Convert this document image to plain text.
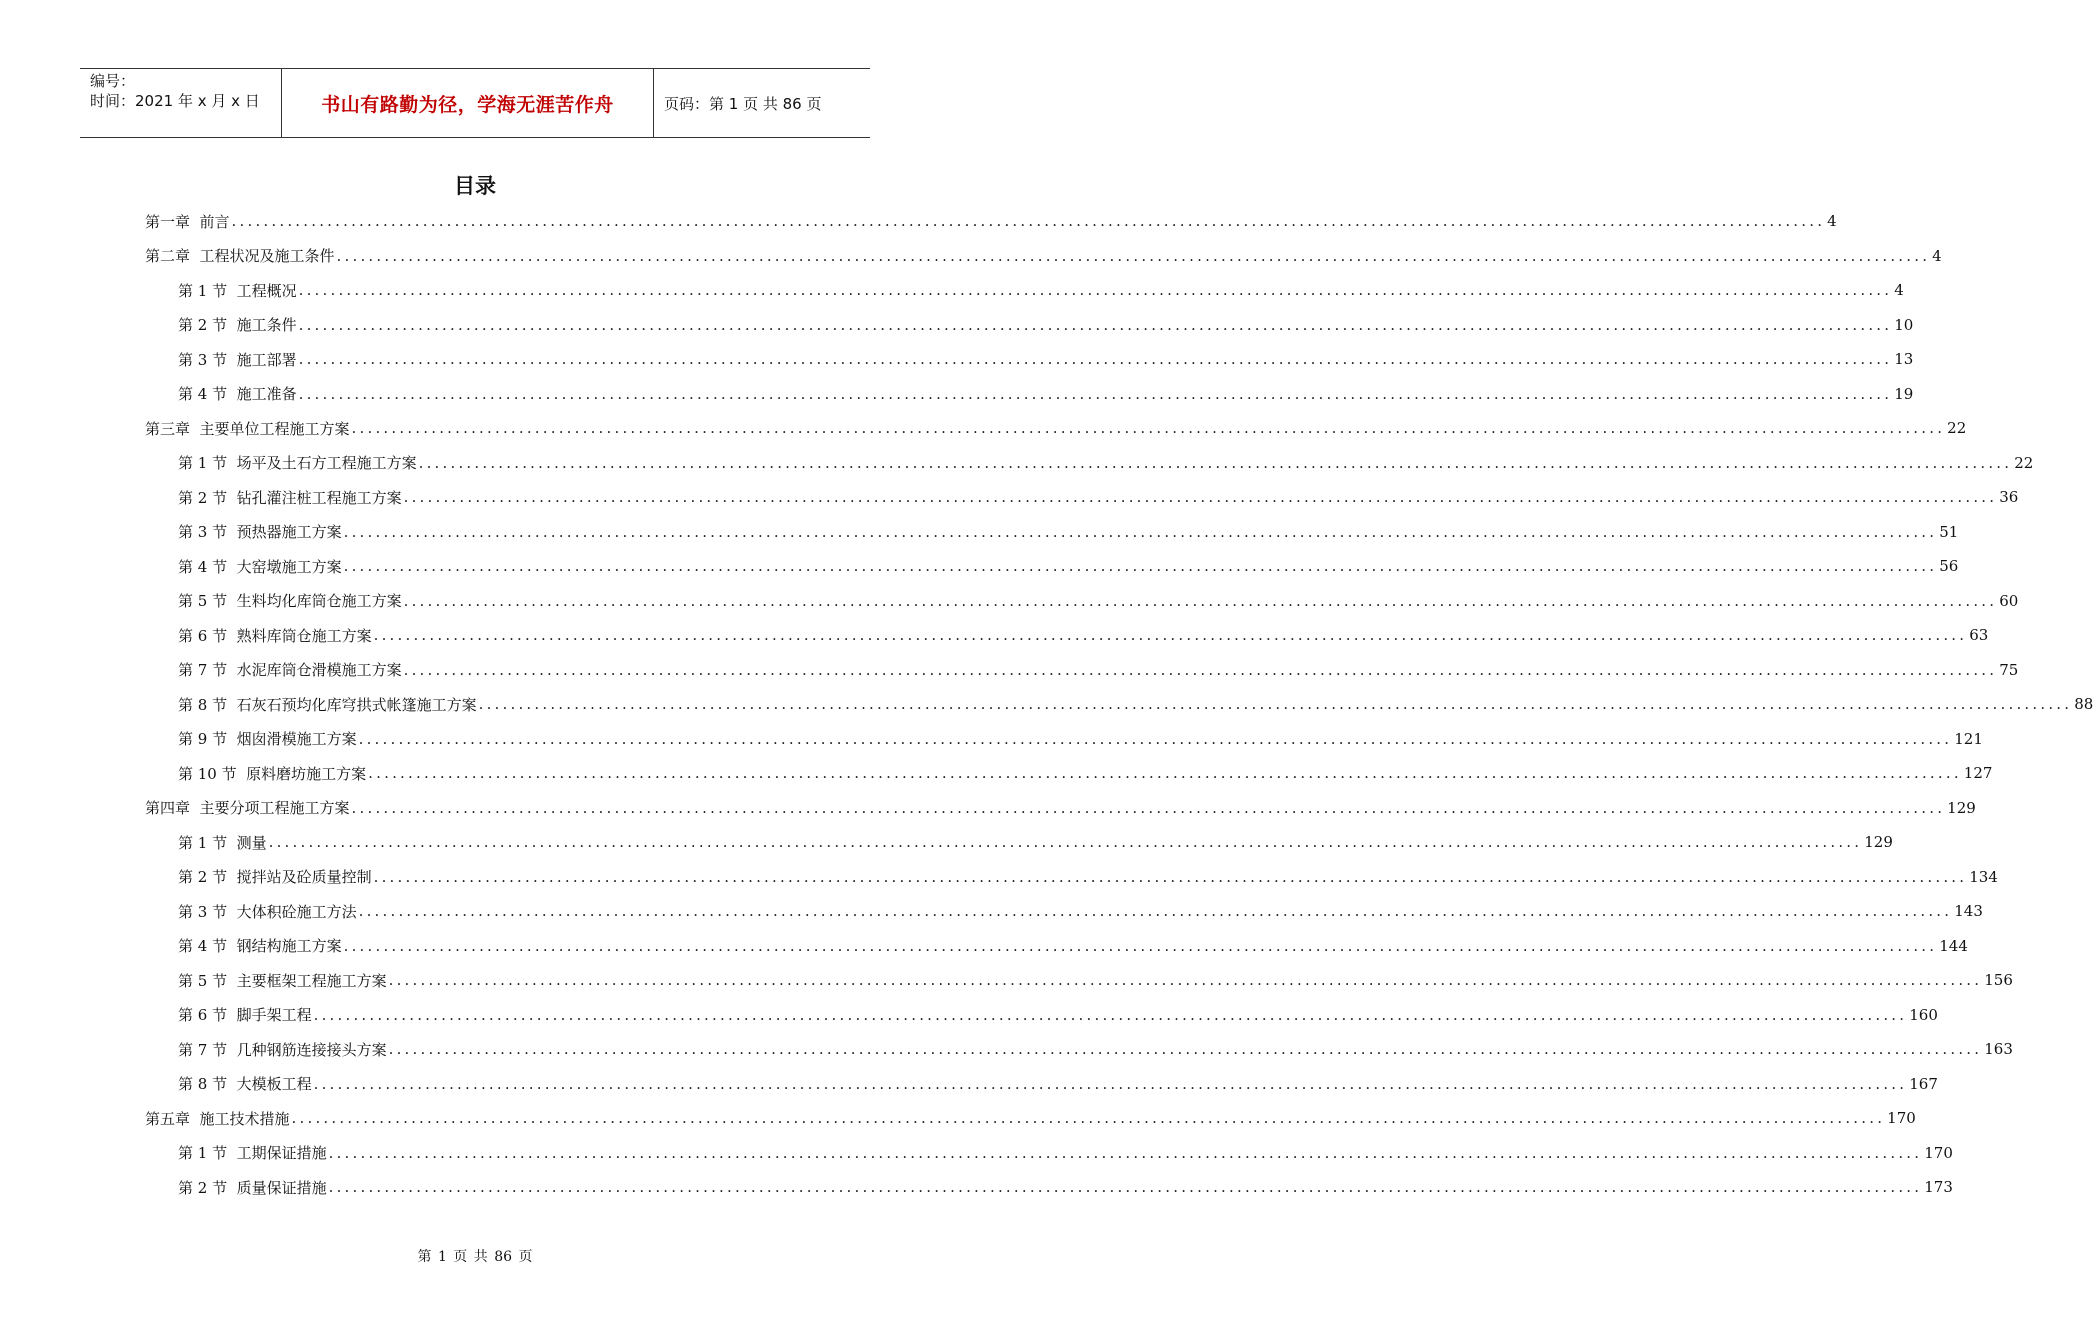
编号：
时间：2021 年 x 月 x 日	书山有路勤为径，学海无涯苦作舟	页码：第 1 页 共 86 页
目录
第一章  前言 ........................................................................................................................................................................................................ 4
第二章  工程状况及施工条件 ........................................................................................................................................................................................................ 4
第 1 节  工程概况 ........................................................................................................................................................................................................ 4
第 2 节  施工条件 ........................................................................................................................................................................................................ 10
第 3 节  施工部署 ........................................................................................................................................................................................................ 13
第 4 节  施工准备 ........................................................................................................................................................................................................ 19
第三章  主要单位工程施工方案 ........................................................................................................................................................................................................ 22
第 1 节  场平及土石方工程施工方案 ........................................................................................................................................................................................................ 22
第 2 节  钻孔灌注桩工程施工方案 ........................................................................................................................................................................................................ 36
第 3 节  预热器施工方案 ........................................................................................................................................................................................................ 51
第 4 节  大窑墩施工方案 ........................................................................................................................................................................................................ 56
第 5 节  生料均化库筒仓施工方案 ........................................................................................................................................................................................................ 60
第 6 节  熟料库筒仓施工方案 ........................................................................................................................................................................................................ 63
第 7 节  水泥库筒仓滑模施工方案 ........................................................................................................................................................................................................ 75
第 8 节  石灰石预均化库穹拱式帐篷施工方案 ........................................................................................................................................................................................................ 88
第 9 节  烟囱滑模施工方案 ........................................................................................................................................................................................................ 121
第 10 节  原料磨坊施工方案 ........................................................................................................................................................................................................ 127
第四章  主要分项工程施工方案 ........................................................................................................................................................................................................ 129
第 1 节  测量 ........................................................................................................................................................................................................ 129
第 2 节  搅拌站及砼质量控制 ........................................................................................................................................................................................................ 134
第 3 节  大体积砼施工方法 ........................................................................................................................................................................................................ 143
第 4 节  钢结构施工方案 ........................................................................................................................................................................................................ 144
第 5 节  主要框架工程施工方案 ........................................................................................................................................................................................................ 156
第 6 节  脚手架工程 ........................................................................................................................................................................................................ 160
第 7 节  几种钢筋连接接头方案 ........................................................................................................................................................................................................ 163
第 8 节  大模板工程 ........................................................................................................................................................................................................ 167
第五章  施工技术措施 ........................................................................................................................................................................................................ 170
第 1 节  工期保证措施 ........................................................................................................................................................................................................ 170
第 2 节  质量保证措施 ........................................................................................................................................................................................................ 173
第 1 页 共 86 页
